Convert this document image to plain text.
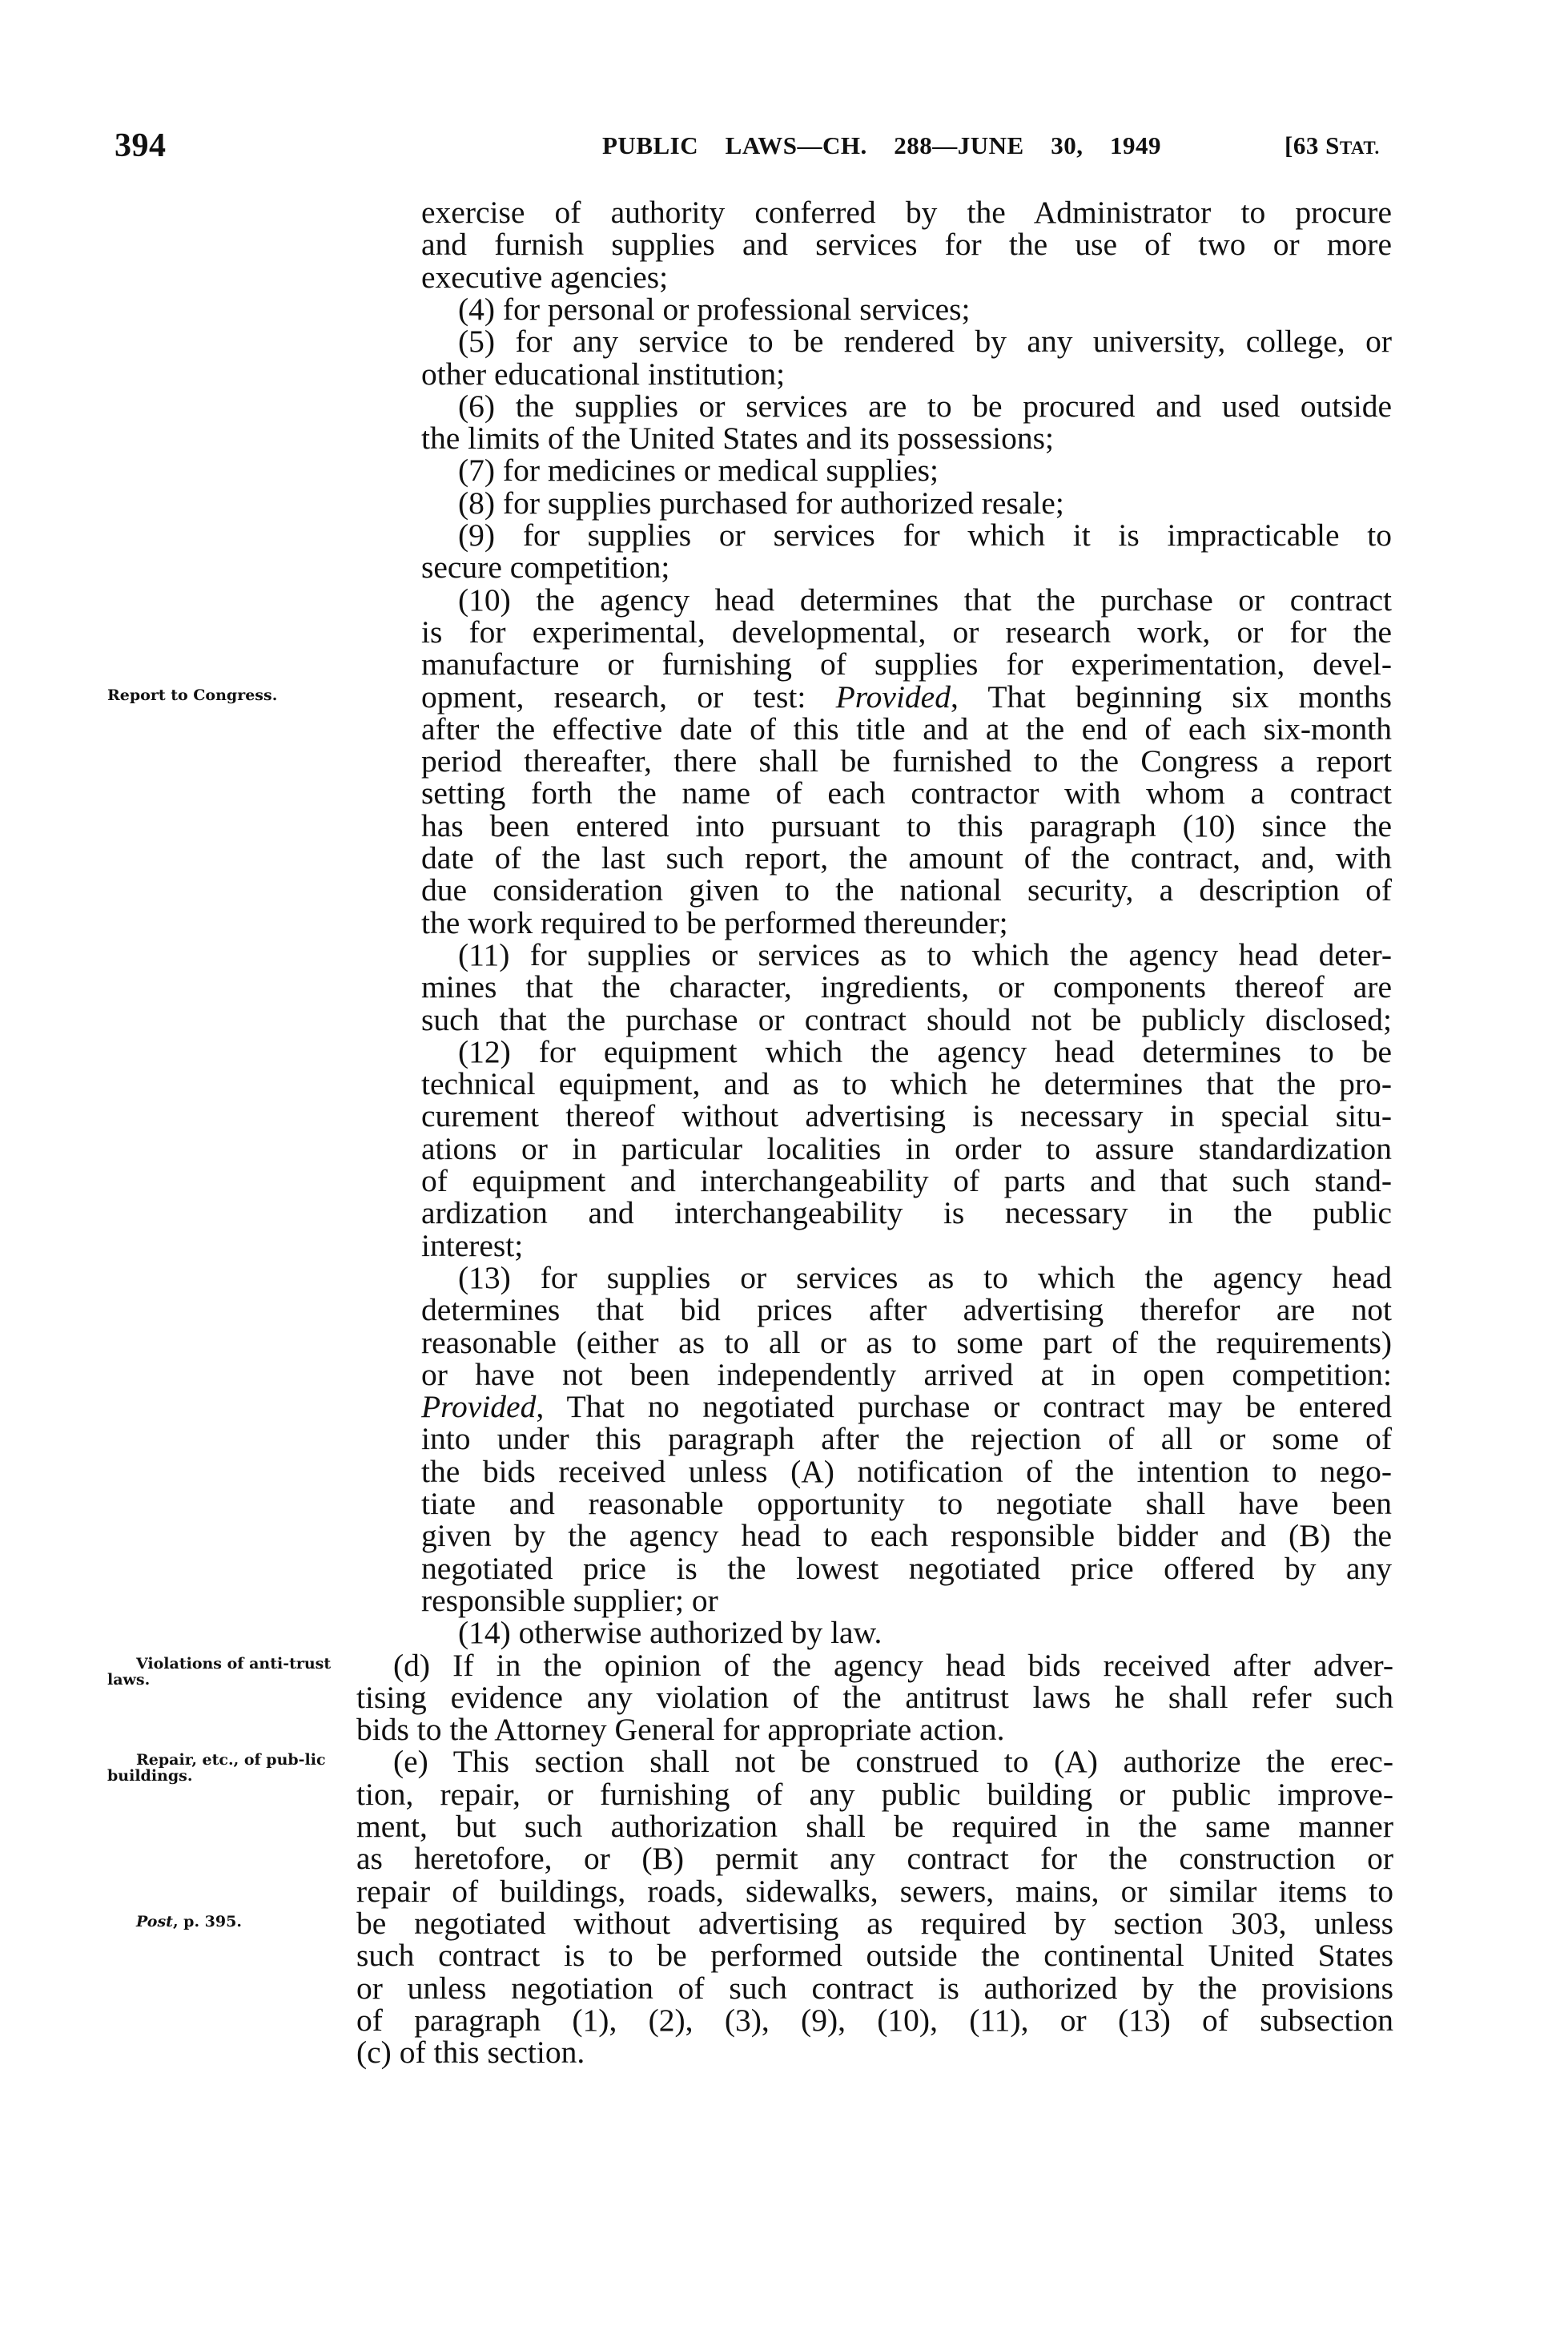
394	PUBLIC LAWS—CH. 288—JUNE 30, 1949	[63 STAT.
Report to Congress.
Violations of anti-trust laws.
Repair, etc., of pub-lic buildings.
Post, p. 395.
exercise of authority conferred by the Administrator to procure
and furnish supplies and services for the use of two or more
executive agencies;
(4) for personal or professional services;
(5) for any service to be rendered by any university, college, or
other educational institution;
(6) the supplies or services are to be procured and used outside
the limits of the United States and its possessions;
(7) for medicines or medical supplies;
(8) for supplies purchased for authorized resale;
(9) for supplies or services for which it is impracticable to
secure competition;
(10) the agency head determines that the purchase or contract
is for experimental, developmental, or research work, or for the
manufacture or furnishing of supplies for experimentation, devel-
opment, research, or test: Provided, That beginning six months
after the effective date of this title and at the end of each six-month
period thereafter, there shall be furnished to the Congress a report
setting forth the name of each contractor with whom a contract
has been entered into pursuant to this paragraph (10) since the
date of the last such report, the amount of the contract, and, with
due consideration given to the national security, a description of
the work required to be performed thereunder;
(11) for supplies or services as to which the agency head deter-
mines that the character, ingredients, or components thereof are
such that the purchase or contract should not be publicly disclosed;
(12) for equipment which the agency head determines to be
technical equipment, and as to which he determines that the pro-
curement thereof without advertising is necessary in special situ-
ations or in particular localities in order to assure standardization
of equipment and interchangeability of parts and that such stand-
ardization and interchangeability is necessary in the public
interest;
(13) for supplies or services as to which the agency head
determines that bid prices after advertising therefor are not
reasonable (either as to all or as to some part of the requirements)
or have not been independently arrived at in open competition:
Provided, That no negotiated purchase or contract may be entered
into under this paragraph after the rejection of all or some of
the bids received unless (A) notification of the intention to nego-
tiate and reasonable opportunity to negotiate shall have been
given by the agency head to each responsible bidder and (B) the
negotiated price is the lowest negotiated price offered by any
responsible supplier; or
(14) otherwise authorized by law.
(d) If in the opinion of the agency head bids received after adver-
tising evidence any violation of the antitrust laws he shall refer such
bids to the Attorney General for appropriate action.
(e) This section shall not be construed to (A) authorize the erec-
tion, repair, or furnishing of any public building or public improve-
ment, but such authorization shall be required in the same manner
as heretofore, or (B) permit any contract for the construction or
repair of buildings, roads, sidewalks, sewers, mains, or similar items to
be negotiated without advertising as required by section 303, unless
such contract is to be performed outside the continental United States
or unless negotiation of such contract is authorized by the provisions
of paragraph (1), (2), (3), (9), (10), (11), or (13) of subsection
(c) of this section.
